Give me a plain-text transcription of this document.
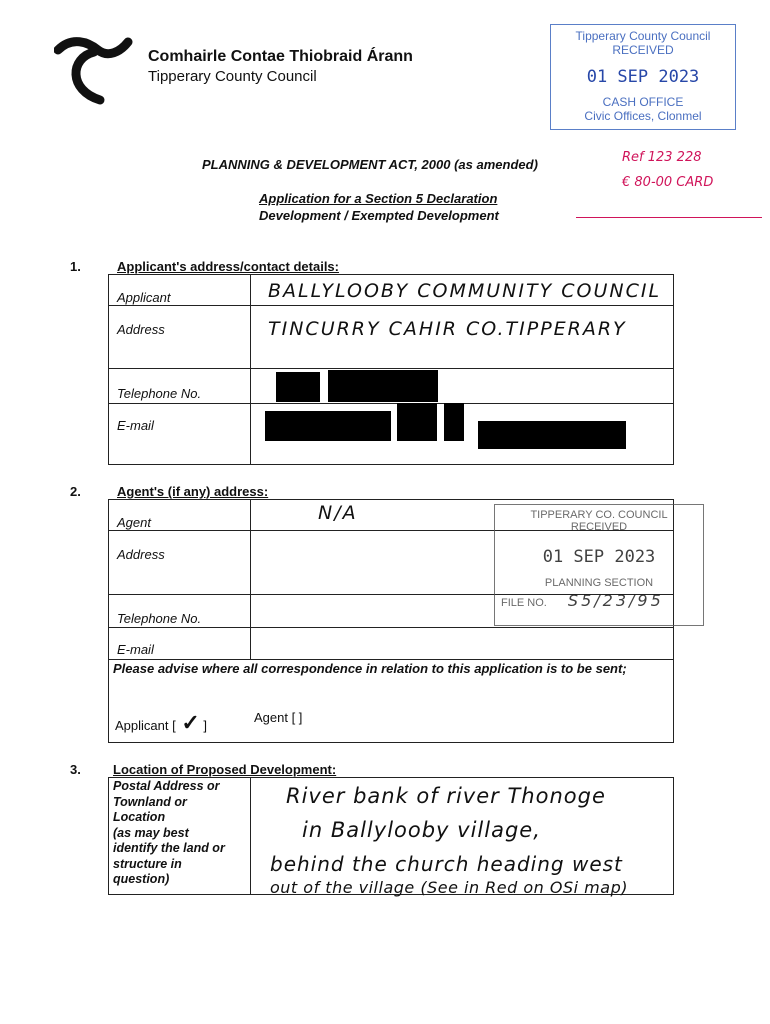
Comhairle Contae Thiobraid Árann
Tipperary County Council
Tipperary County Council
RECEIVED
01 SEP 2023
CASH OFFICE
Civic Offices, Clonmel
Ref 123 228
€ 80-00 CARD
PLANNING & DEVELOPMENT ACT, 2000 (as amended)
Application for a Section 5 Declaration
Development / Exempted Development
1.	Applicant's address/contact details:
Applicant	BALLYLOOBY COMMUNITY COUNCIL
Address	TINCURRY CAHIR CO.TIPPERARY
Telephone No.
E-mail
2.	Agent's (if any) address:
Agent	N/A
Address
Telephone No.
E-mail
Please advise where all correspondence in relation to this application is to be sent;
Applicant [ ✓ ]
Agent [ ]
TIPPERARY CO. COUNCIL
RECEIVED
01 SEP 2023
PLANNING SECTION
FILE NO. S5/23/95
3. Location of Proposed Development:
Postal Address or
Townland or
Location
(as may best
identify the land or
structure in
question)
River bank of river Thonoge
in Ballylooby village,
behind the church heading west
out of the village (See in Red on OSi map)
